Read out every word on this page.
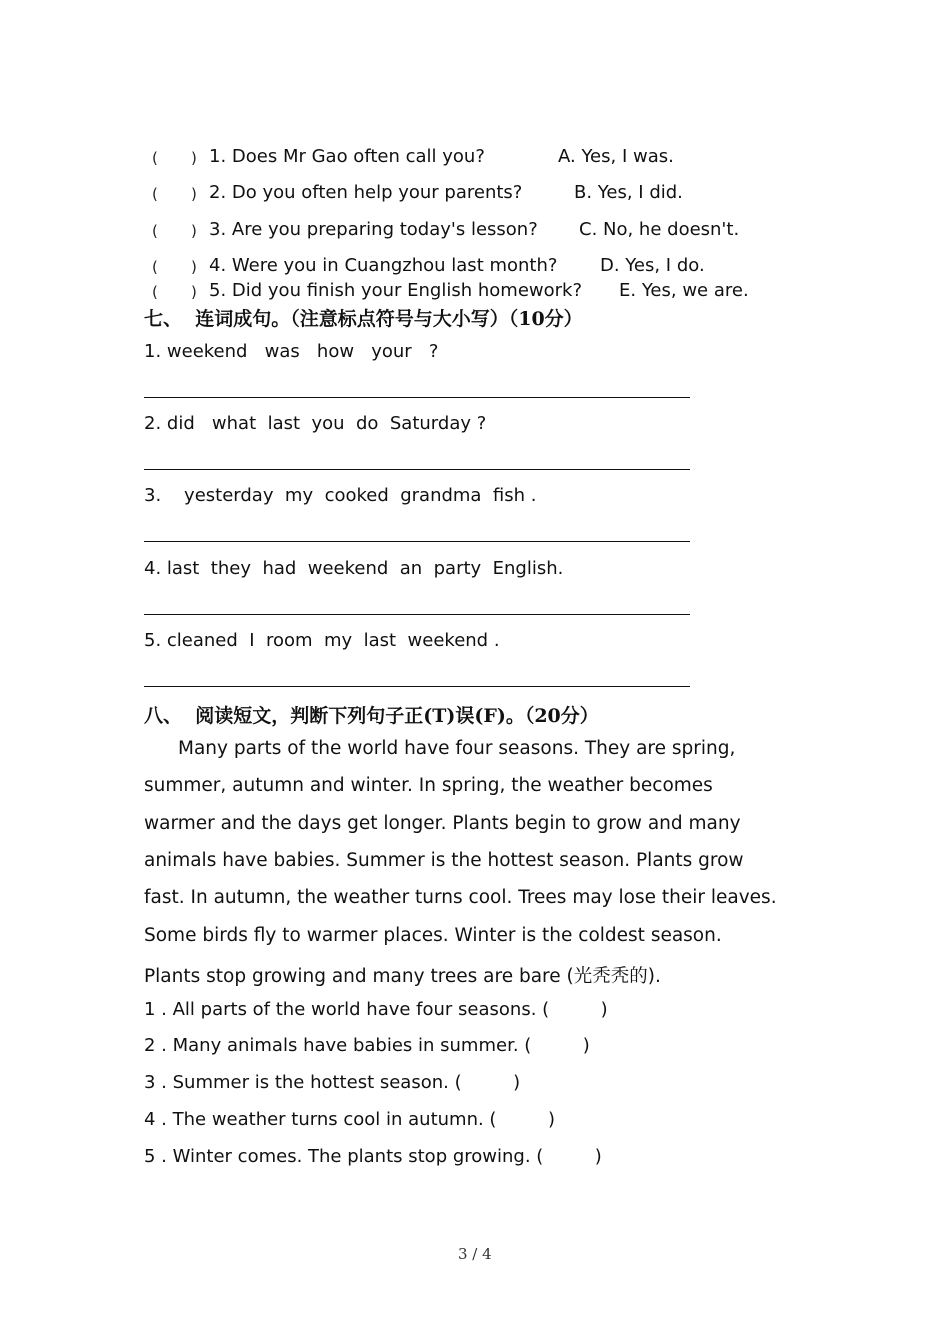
( ) 1. Does Mr Gao often call you?	A. Yes, I was.
( ) 2. Do you often help your parents?	B. Yes, I did.
( ) 3. Are you preparing today's lesson? C. No, he doesn't.
( ) 4. Were you in Cuangzhou last month? D. Yes, I do.
( ) 5. Did you finish your English homework? E. Yes, we are.
七、  连词成句。（注意标点符号与大小写）（10分）
1. weekend   was   how   your   ?
2. did   what  last  you  do  Saturday ?
3.    yesterday  my  cooked  grandma  fish .
4. last  they  had  weekend  an  party  English.
5. cleaned  I  room  my  last  weekend .
八、  阅读短文，判断下列句子正(T)误(F)。（20分）
Many parts of the world have four seasons. They are spring,
summer, autumn and winter. In spring, the weather becomes
warmer and the days get longer. Plants begin to grow and many
animals have babies. Summer is the hottest season. Plants grow
fast. In autumn, the weather turns cool. Trees may lose their leaves.
Some birds fly to warmer places. Winter is the coldest season.
Plants stop growing and many trees are bare (光秃秃的).
1 . All parts of the world have four seasons. (         )
2 . Many animals have babies in summer. (         )
3 . Summer is the hottest season. (         )
4 . The weather turns cool in autumn. (         )
5 . Winter comes. The plants stop growing. (         )
3 / 4
